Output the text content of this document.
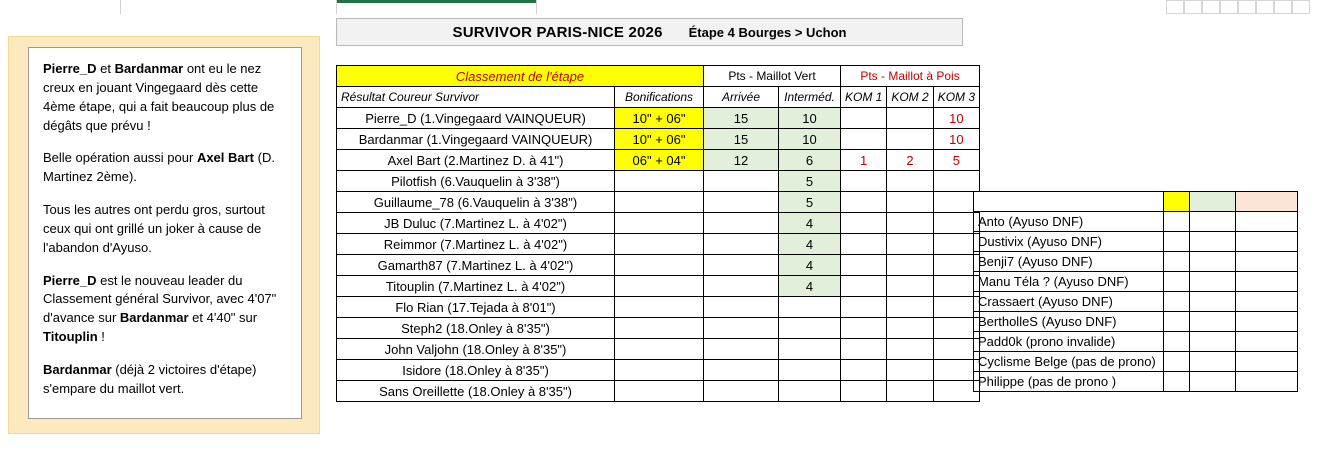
Pierre_D et Bardanmar ont eu le nez creux en jouant Vingegaard dès cette 4ème étape, qui a fait beaucoup plus de dégâts que prévu !

Belle opération aussi pour Axel Bart (D. Martinez 2ème).

Tous les autres ont perdu gros, surtout ceux qui ont grillé un joker à cause de l'abandon d'Ayuso.

Pierre_D est le nouveau leader du Classement général Survivor, avec 4'07" d'avance sur Bardanmar et 4'40" sur Titouplin !

Bardanmar (déjà 2 victoires d'étape) s'empare du maillot vert.

SURVIVOR PARIS-NICE 2026 Étape 4 Bourges > Uchon
Classement de l'étape		Pts - Maillot Vert		Pts - Maillot à Pois		
Résultat Coureur Survivor	Bonifications	Arrivée	Interméd.	KOM 1	KOM 2	KOM 3
Pierre_D (1.Vingegaard VAINQUEUR)	10" + 06"	15	10			10
Bardanmar (1.Vingegaard VAINQUEUR)	10" + 06"	15	10			10
Axel Bart (2.Martinez D. à 41")	06" + 04"	12	6	1	2	5
Pilotfish (6.Vauquelin à 3'38")			5			
Guillaume_78 (6.Vauquelin à 3'38")			5			
JB Duluc (7.Martinez L. à 4'02")			4			
Reimmor (7.Martinez L. à 4'02")			4			
Gamarth87 (7.Martinez L. à 4'02")			4			
Titouplin (7.Martinez L. à 4'02")			4			
Flo Rian (17.Tejada à 8'01")						
Steph2 (18.Onley à 8'35")						
John Valjohn (18.Onley à 8'35")						
Isidore (18.Onley à 8'35")						
Sans Oreillette (18.Onley à 8'35")						

Anto (Ayuso DNF)			
Dustivix (Ayuso DNF)			
Benji7 (Ayuso DNF)			
Manu Téla ? (Ayuso DNF)			
Crassaert (Ayuso DNF)			
BertholleS (Ayuso DNF)			
Padd0k (prono invalide)			
Cyclisme Belge (pas de prono)			
Philippe (pas de prono )			
